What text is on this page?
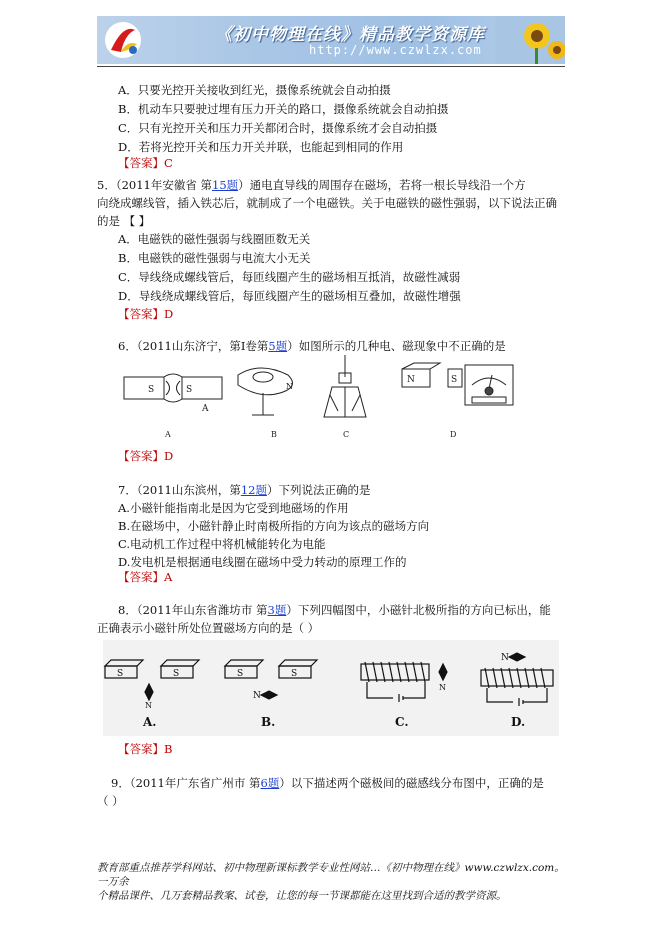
《初中物理在线》精品教学资源库
http://www.czwlzx.com
A．只要光控开关接收到红光，摄像系统就会自动拍摄
B．机动车只要驶过埋有压力开关的路口，摄像系统就会自动拍摄
C．只有光控开关和压力开关都闭合时，摄像系统才会自动拍摄
D．若将光控开关和压力开关并联，也能起到相同的作用
【答案】C
5．（2011年安徽省 第15题）通电直导线的周围存在磁场，若将一根长导线沿一个方
向绕成螺线管，插入铁芯后，就制成了一个电磁铁。关于电磁铁的磁性强弱，以下说法正确
的是 【 】
A．电磁铁的磁性强弱与线圈匝数无关
B．电磁铁的磁性强弱与电流大小无关
C．导线绕成螺线管后，每匝线圈产生的磁场相互抵消，故磁性减弱
D．导线绕成螺线管后，每匝线圈产生的磁场相互叠加，故磁性增强
【答案】D
6．（2011山东济宁，第Ⅰ卷第5题）如图所示的几种电、磁现象中不正确的是
S	S
A
A
N
B	C
N	S
D
【答案】D
7．（2011山东滨州，第12题）下列说法正确的是
A.小磁针能指南北是因为它受到地磁场的作用
B.在磁场中，小磁针静止时南极所指的方向为该点的磁场方向
C.电动机工作过程中将机械能转化为电能
D.发电机是根据通电线圈在磁场中受力转动的原理工作的
【答案】A
8．（2011年山东省潍坊市 第3题）下列四幅图中，小磁针北极所指的方向已标出，能
正确表示小磁针所处位置磁场方向的是（ ）
S	S
N
A.
S	S
N
B.
N
C.
N
D.
【答案】B
9．（2011年广东省广州市 第6题）以下描述两个磁极间的磁感线分布图中，正确的是
（ ）
教育部重点推荐学科网站、初中物理新课标教学专业性网站…《初中物理在线》www.czwlzx.com。一万余
个精品课件、几万套精品教案、试卷，让您的每一节课都能在这里找到合适的教学资源。
